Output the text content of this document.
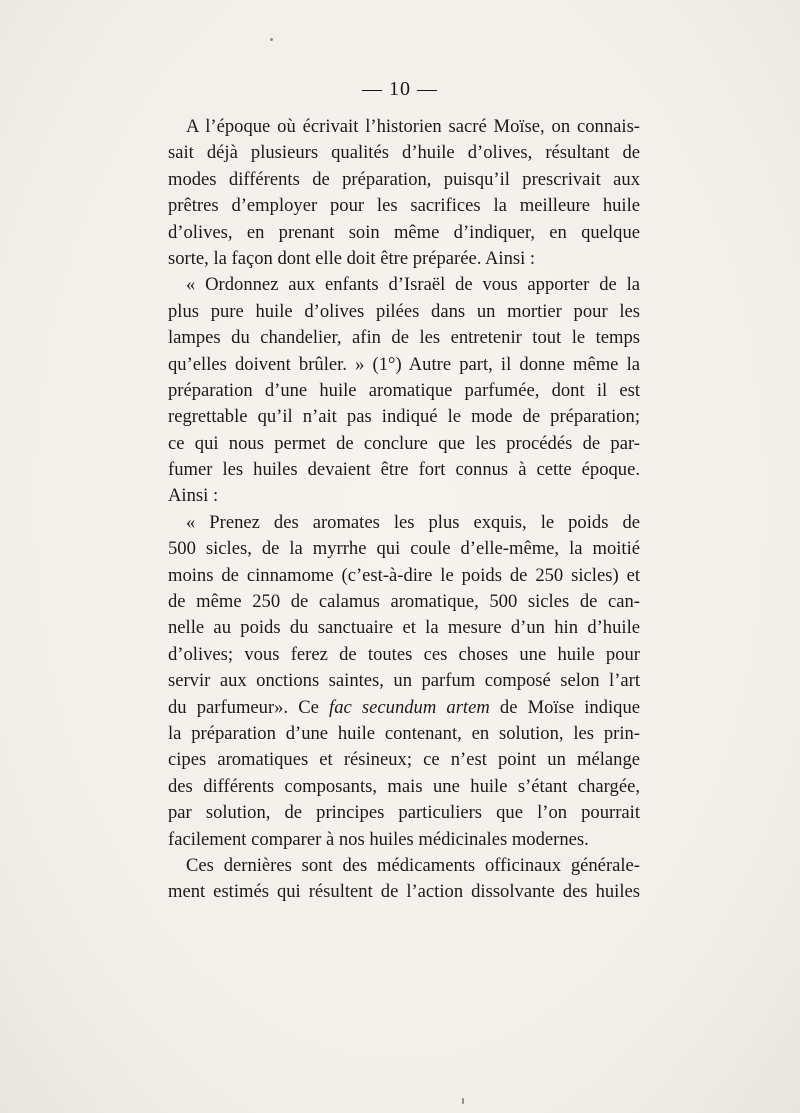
— 10 —
A l’époque où écrivait l’historien sacré Moïse, on connais-
sait déjà plusieurs qualités d’huile d’olives, résultant de
modes différents de préparation, puisqu’il prescrivait aux
prêtres d’employer pour les sacrifices la meilleure huile
d’olives, en prenant soin même d’indiquer, en quelque
sorte, la façon dont elle doit être préparée. Ainsi :
« Ordonnez aux enfants d’Israël de vous apporter de la
plus pure huile d’olives pilées dans un mortier pour les
lampes du chandelier, afin de les entretenir tout le temps
qu’elles doivent brûler. » (1°) Autre part, il donne même la
préparation d’une huile aromatique parfumée, dont il est
regrettable qu’il n’ait pas indiqué le mode de préparation;
ce qui nous permet de conclure que les procédés de par-
fumer les huiles devaient être fort connus à cette époque.
Ainsi :
« Prenez des aromates les plus exquis, le poids de
500 sicles, de la myrrhe qui coule d’elle-même, la moitié
moins de cinnamome (c’est-à-dire le poids de 250 sicles) et
de même 250 de calamus aromatique, 500 sicles de can-
nelle au poids du sanctuaire et la mesure d’un hin d’huile
d’olives; vous ferez de toutes ces choses une huile pour
servir aux onctions saintes, un parfum composé selon l’art
du parfumeur». Ce fac secundum artem de Moïse indique
la préparation d’une huile contenant, en solution, les prin-
cipes aromatiques et résineux; ce n’est point un mélange
des différents composants, mais une huile s’étant chargée,
par solution, de principes particuliers que l’on pourrait
facilement comparer à nos huiles médicinales modernes.
Ces dernières sont des médicaments officinaux générale-
ment estimés qui résultent de l’action dissolvante des huiles
